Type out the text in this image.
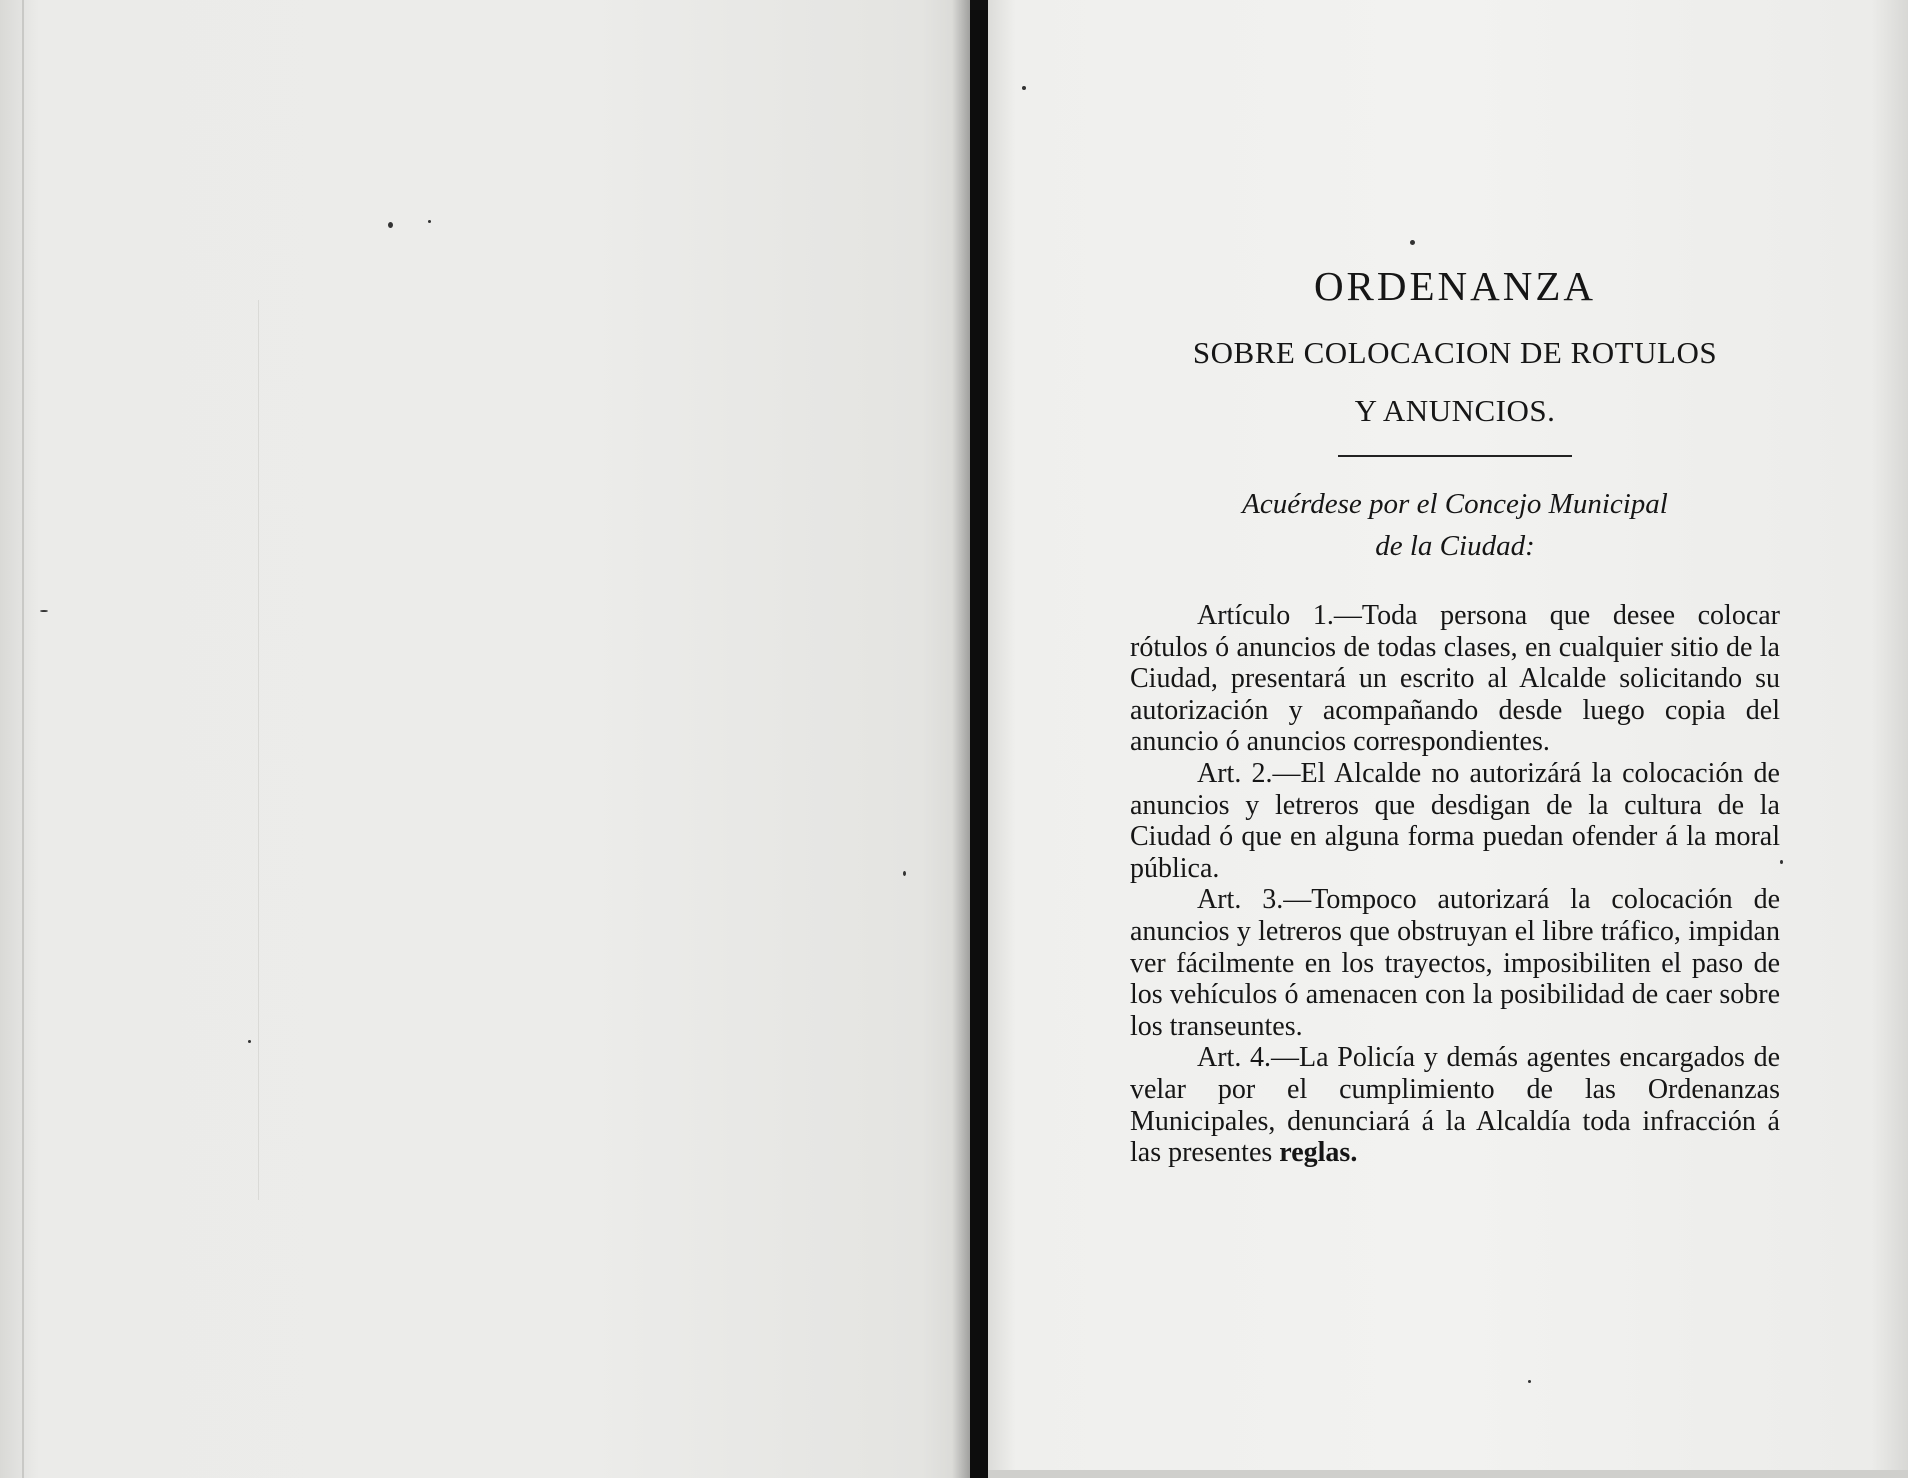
ORDENANZA
SOBRE COLOCACION DE ROTULOS
Y ANUNCIOS.
Acuérdese por el Concejo Municipal
de la Ciudad:

Artículo 1.—Toda persona que desee colocar rótulos ó anuncios de todas clases, en cualquier sitio de la Ciudad, presentará un escrito al Alcalde solicitando su autorización y acompañando desde luego copia del anuncio ó anuncios correspondientes.

Art. 2.—El Alcalde no autorizárá la colocación de anuncios y letreros que desdigan de la cultura de la Ciudad ó que en alguna forma puedan ofender á la moral pública.

Art. 3.—Tompoco autorizará la colocación de anuncios y letreros que obstruyan el libre tráfico, impidan ver fácilmente en los trayectos, imposibiliten el paso de los vehículos ó amenacen con la posibilidad de caer sobre los transeuntes.

Art. 4.—La Policía y demás agentes encargados de velar por el cumplimiento de las Ordenanzas Municipales, denunciará á la Alcaldía toda infracción á las presentes reglas.
